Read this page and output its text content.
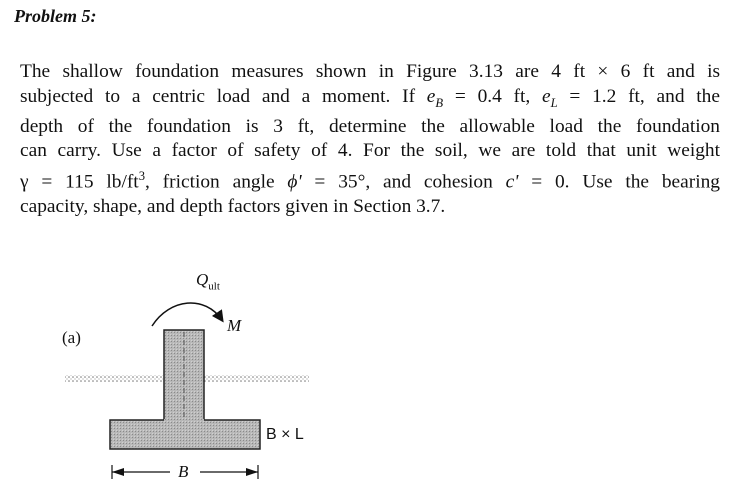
Problem 5:
The shallow foundation measures shown in Figure 3.13 are 4 ft × 6 ft and is
subjected to a centric load and a moment. If $e_B = 0.4$ ft, $e_L = 1.2$ ft, and the
depth of the foundation is 3 ft, determine the allowable load the foundation
can carry. Use a factor of safety of 4. For the soil, we are told that unit weight
γ = 115 $lb/ft^3$, friction angle ϕ' = 35°, and cohesion c' = 0. Use the bearing
capacity, shape, and depth factors given in Section 3.7.
(a)
$Q_{ult}$
M
B × L
B
